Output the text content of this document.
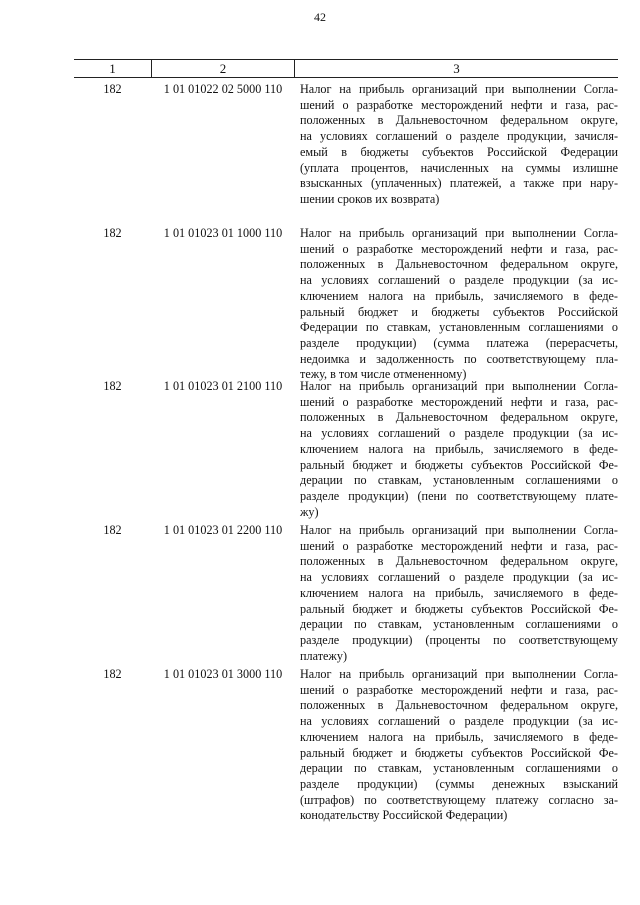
42
1	2	3
182	1 01 01022 02 5000 110	Налог на прибыль организаций при выполнении Согла-
шений о разработке месторождений нефти и газа, рас-
положенных в Дальневосточном федеральном округе,
на условиях соглашений о разделе продукции, зачисля-
емый в бюджеты субъектов Российской Федерации
(уплата процентов, начисленных на суммы излишне
взысканных (уплаченных) платежей, а также при нару-
шении сроков их возврата)
182	1 01 01023 01 1000 110	Налог на прибыль организаций при выполнении Согла-
шений о разработке месторождений нефти и газа, рас-
положенных в Дальневосточном федеральном округе,
на условиях соглашений о разделе продукции (за ис-
ключением налога на прибыль, зачисляемого в феде-
ральный бюджет и бюджеты субъектов Российской
Федерации по ставкам, установленным соглашениями о
разделе продукции) (сумма платежа (перерасчеты,
недоимка и задолженность по соответствующему пла-
тежу, в том числе отмененному)
182	1 01 01023 01 2100 110	Налог на прибыль организаций при выполнении Согла-
шений о разработке месторождений нефти и газа, рас-
положенных в Дальневосточном федеральном округе,
на условиях соглашений о разделе продукции (за ис-
ключением налога на прибыль, зачисляемого в феде-
ральный бюджет и бюджеты субъектов Российской Фе-
дерации по ставкам, установленным соглашениями о
разделе продукции) (пени по соответствующему плате-
жу)
182	1 01 01023 01 2200 110	Налог на прибыль организаций при выполнении Согла-
шений о разработке месторождений нефти и газа, рас-
положенных в Дальневосточном федеральном округе,
на условиях соглашений о разделе продукции (за ис-
ключением налога на прибыль, зачисляемого в феде-
ральный бюджет и бюджеты субъектов Российской Фе-
дерации по ставкам, установленным соглашениями о
разделе продукции) (проценты по соответствующему
платежу)
182	1 01 01023 01 3000 110	Налог на прибыль организаций при выполнении Согла-
шений о разработке месторождений нефти и газа, рас-
положенных в Дальневосточном федеральном округе,
на условиях соглашений о разделе продукции (за ис-
ключением налога на прибыль, зачисляемого в феде-
ральный бюджет и бюджеты субъектов Российской Фе-
дерации по ставкам, установленным соглашениями о
разделе продукции) (суммы денежных взысканий
(штрафов) по соответствующему платежу согласно за-
конодательству Российской Федерации)
